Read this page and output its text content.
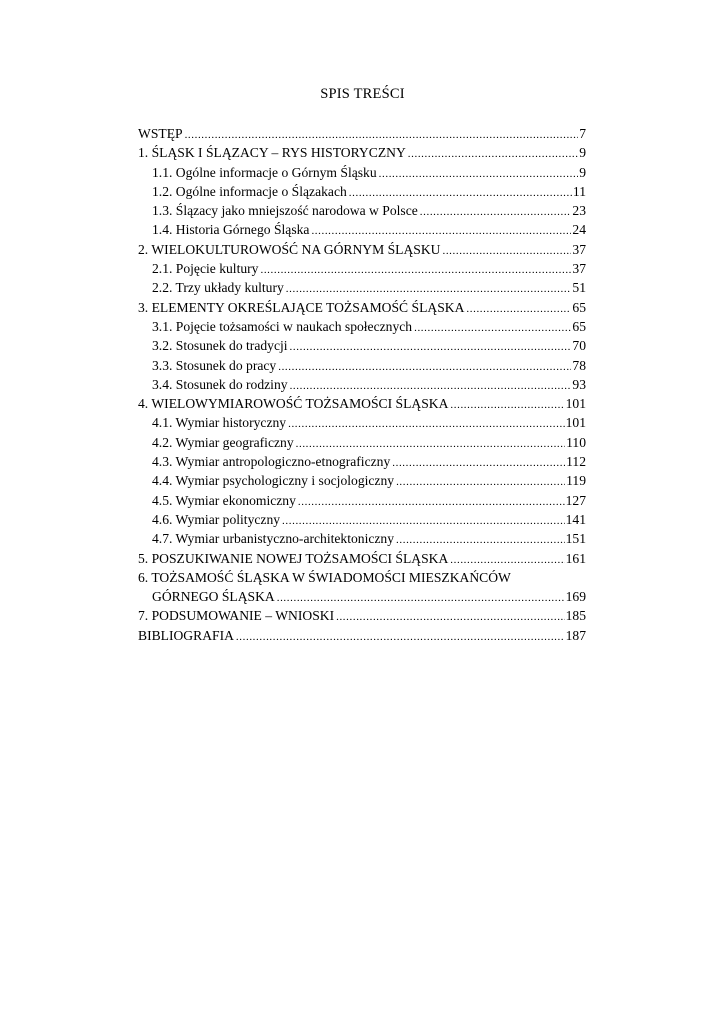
SPIS TREŚCI
WSTĘP .....	7
1. ŚLĄSK I ŚLĄZACY – RYS HISTORYCZNY .....	9
1.1. Ogólne informacje o Górnym Śląsku .....	9
1.2. Ogólne informacje o Ślązakach .....	11
1.3. Ślązacy jako mniejszość narodowa w Polsce .....	23
1.4. Historia Górnego Śląska .....	24
2. WIELOKULTUROWOŚĆ NA GÓRNYM ŚLĄSKU .....	37
2.1. Pojęcie kultury .....	37
2.2. Trzy układy kultury .....	51
3. ELEMENTY OKREŚLAJĄCE TOŻSAMOŚĆ ŚLĄSKA .....	65
3.1. Pojęcie tożsamości w naukach społecznych .....	65
3.2. Stosunek do tradycji .....	70
3.3. Stosunek do pracy .....	78
3.4. Stosunek do rodziny .....	93
4. WIELOWYMIAROWOŚĆ TOŻSAMOŚCI ŚLĄSKA .....	101
4.1. Wymiar historyczny .....	101
4.2. Wymiar geograficzny .....	110
4.3. Wymiar antropologiczno-etnograficzny .....	112
4.4. Wymiar psychologiczny i socjologiczny .....	119
4.5. Wymiar ekonomiczny .....	127
4.6. Wymiar polityczny .....	141
4.7. Wymiar urbanistyczno-architektoniczny .....	151
5. POSZUKIWANIE NOWEJ TOŻSAMOŚCI ŚLĄSKA .....	161
6. TOŻSAMOŚĆ ŚLĄSKA W ŚWIADOMOŚCI MIESZKAŃCÓW
GÓRNEGO ŚLĄSKA .....	169
7. PODSUMOWANIE – WNIOSKI .....	185
BIBLIOGRAFIA .....	187
